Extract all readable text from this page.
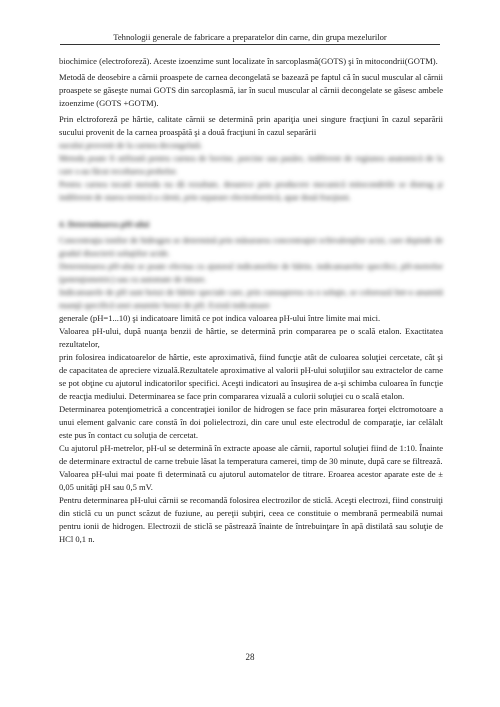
Tehnologii generale de fabricare a preparatelor din carne, din grupa mezelurilor

biochimice (electroforeză). Aceste izoenzime sunt localizate în sarcoplasmă(GOTS) şi în mitocondrii(GOTM).

Metodă de deosebire a cărnii proaspete de carnea decongelată se bazează pe faptul că în sucul muscular al cărnii proaspete se găseşte numai GOTS din sarcoplasmă, iar în sucul muscular al cărnii decongelate se găsesc ambele izoenzime (GOTS +GOTM).

Prin elctroforeză pe hârtie, calitate cărnii se determină prin apariţia unei singure fracţiuni în cazul separării sucului provenit de la carnea proaspătă şi a două fracţiuni în cazul separării

sucului provenit de la carnea decongelată.

Metoda poate fi utilizată pentru carnea de bovine, porcine sau pasăre, indiferent de regiunea anatomică de la care s-au făcut recoltarea probelor.

Pentru carnea tocată metoda nu dă rezultate, deoarece prin producere mecanică mitocondriile se distrug şi indiferent de starea termică a cărnii, prin separare electroforetică, apar două fracţiuni.

4. Determinarea pH-ului

Concentraţia ionilor de hidrogen se determină prin măsurarea concentraţiei echivalenţilor acizi, care depinde de gradul disocierii soluţiilor acide.

Determinarea pH-ului se poate efectua cu ajutorul indicatorilor de hârtie, indicatoarelor specifici, pH-metrelor (potenţiometric) sau cu automate de titrare.

Indicatoarele de pH sunt benzi de hârtie speciale care, prin cunoaşterea cu o soluţie, se colorează într-o anumită nuanţă specifică unei anumite benzi de pH. Există indicatoare

generale (pH=1...10) şi indicatoare limită ce pot indica valoarea pH-ului între limite mai mici.

Valoarea pH-ului, după nuanţa benzii de hârtie, se determină prin compararea pe o scală etalon. Exactitatea rezultatelor,

prin folosirea indicatoarelor de hârtie, este aproximativă, fiind funcţie atât de culoarea soluţiei cercetate, cât şi de capacitatea de apreciere vizuală.Rezultatele aproximative al valorii pH-ului soluţiilor sau extractelor de carne se pot obţine cu ajutorul indicatorilor specifici. Aceşti indicatori au însuşirea de a-şi schimba culoarea în funcţie de reacţia mediului. Determinarea se face prin compararea vizuală a culorii soluţiei cu o scală etalon.

Determinarea potenţiometrică a concentraţiei ionilor de hidrogen se face prin măsurarea forţei elctromotoare a unui element galvanic care constă în doi polielectrozi, din care unul este electrodul de comparaţie, iar celălalt este pus în contact cu soluţia de cercetat.

Cu ajutorul pH-metrelor, pH-ul se determină în extracte apoase ale cărnii, raportul soluţiei fiind de 1:10. Înainte de determinare extractul de carne trebuie lăsat la temperatura camerei, timp de 30 minute, după care se filtrează.

Valoarea pH-ului mai poate fi determinată cu ajutorul automatelor de titrare. Eroarea acestor aparate este de ± 0,05 unităţi pH sau 0,5 mV.

Pentru determinarea pH-ului cărnii se recomandă folosirea electrozilor de sticlă. Aceşti electrozi, fiind construiţi din sticlă cu un punct scăzut de fuziune, au pereţii subţiri, ceea ce constituie o membrană permeabilă numai pentru ionii de hidrogen. Electrozii de sticlă se păstrează înainte de întrebuinţare în apă distilată sau soluţie de HCl 0,1 n.

28
